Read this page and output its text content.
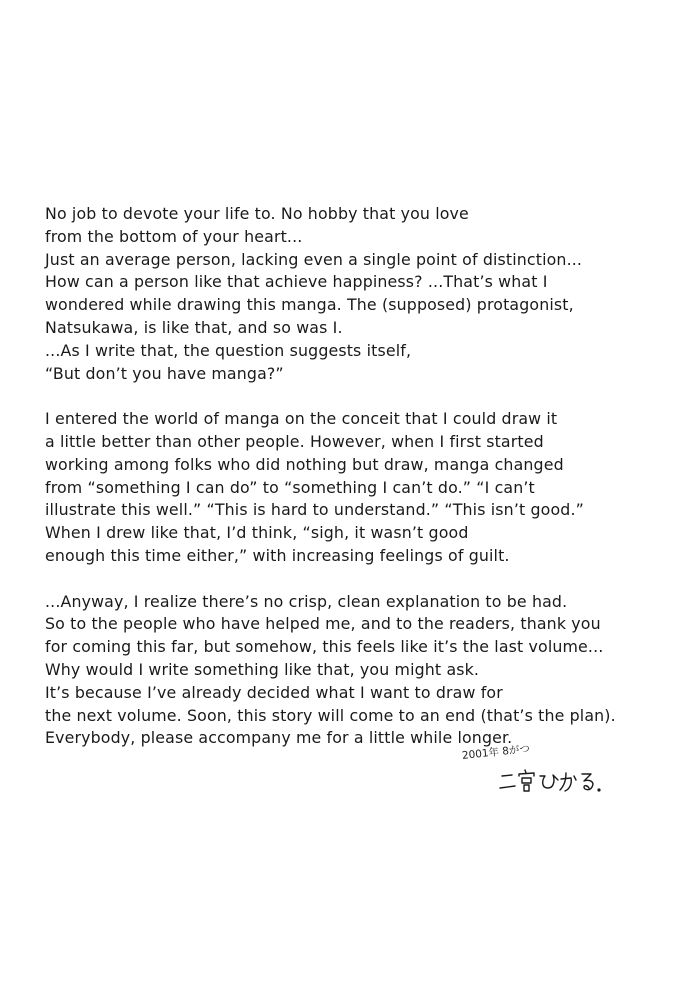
No job to devote your life to. No hobby that you love
from the bottom of your heart...
Just an average person, lacking even a single point of distinction...
How can a person like that achieve happiness? ...That’s what I
wondered while drawing this manga. The (supposed) protagonist,
Natsukawa, is like that, and so was I.
...As I write that, the question suggests itself,
“But don’t you have manga?”

I entered the world of manga on the conceit that I could draw it
a little better than other people. However, when I first started
working among folks who did nothing but draw, manga changed
from “something I can do” to “something I can’t do.” “I can’t
illustrate this well.” “This is hard to understand.” “This isn’t good.”
When I drew like that, I’d think, “sigh, it wasn’t good
enough this time either,” with increasing feelings of guilt.

...Anyway, I realize there’s no crisp, clean explanation to be had.
So to the people who have helped me, and to the readers, thank you
for coming this far, but somehow, this feels like it’s the last volume...
Why would I write something like that, you might ask.
It’s because I’ve already decided what I want to draw for
the next volume. Soon, this story will come to an end (that’s the plan).
Everybody, please accompany me for a little while longer.

2001年 8がつ
